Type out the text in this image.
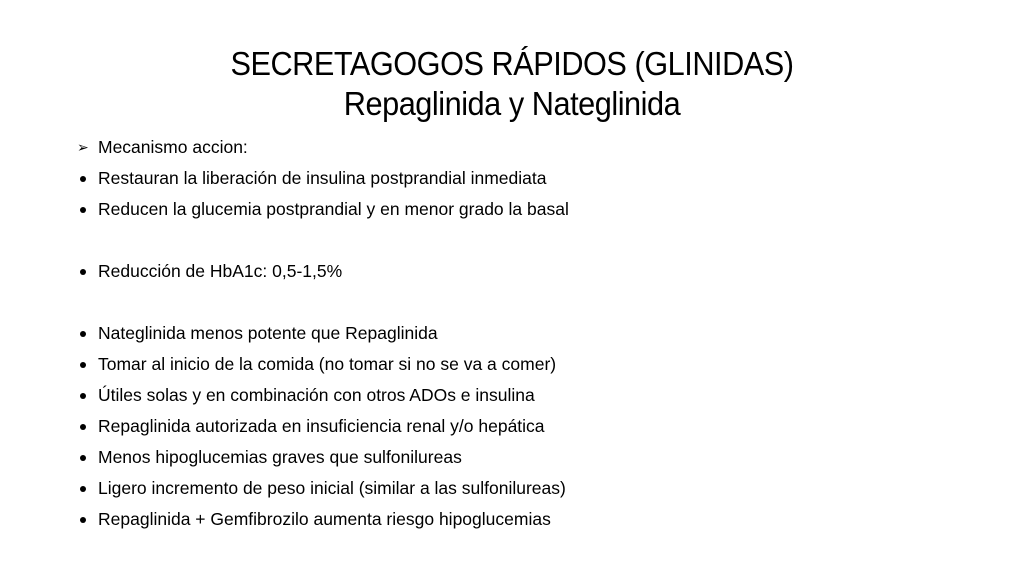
SECRETAGOGOS RÁPIDOS (GLINIDAS)
Repaglinida y Nateglinida
➢ Mecanismo accion:
Restauran la liberación de insulina postprandial inmediata
Reducen la glucemia postprandial y en menor grado la basal
Reducción de HbA1c: 0,5-1,5%
Nateglinida menos potente que Repaglinida
Tomar al inicio de la comida (no tomar si no se va a comer)
Útiles solas y en combinación con otros ADOs e insulina
Repaglinida autorizada en insuficiencia renal y/o hepática
Menos hipoglucemias graves que sulfonilureas
Ligero incremento de peso inicial (similar a las sulfonilureas)
Repaglinida + Gemfibrozilo aumenta riesgo hipoglucemias
